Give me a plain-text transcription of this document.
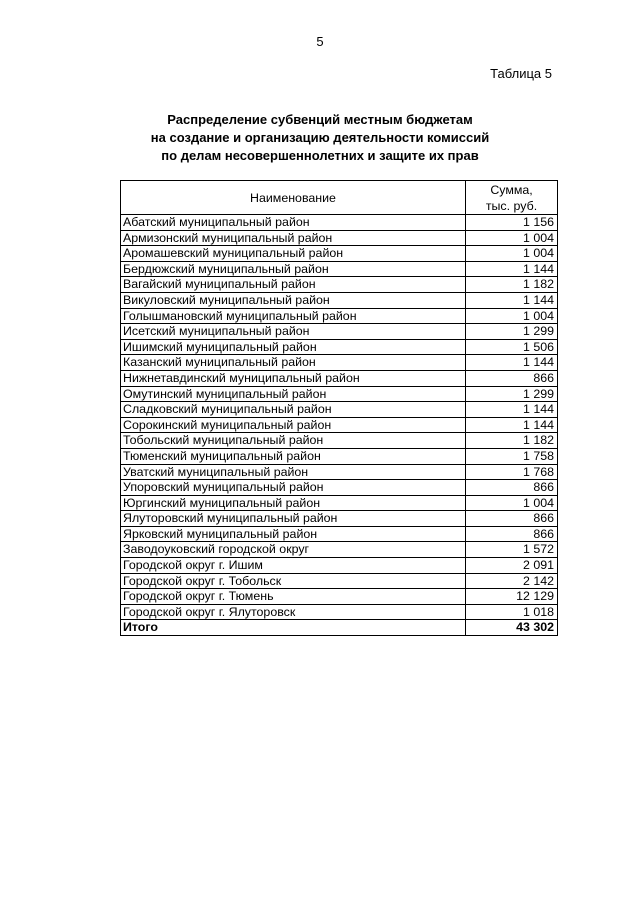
5
Таблица 5
Распределение субвенций местным бюджетам
на создание и организацию деятельности комиссий
по делам несовершеннолетних и защите их прав
Наименование	Сумма,
тыс. руб.

Абатский муниципальный район	1 156
Армизонский муниципальный район	1 004
Аромашевский муниципальный район	1 004
Бердюжский муниципальный район	1 144
Вагайский муниципальный район	1 182
Викуловский муниципальный район	1 144
Голышмановский муниципальный район	1 004
Исетский муниципальный район	1 299
Ишимский муниципальный район	1 506
Казанский муниципальный район	1 144
Нижнетавдинский муниципальный район	866
Омутинский муниципальный район	1 299
Сладковский муниципальный район	1 144
Сорокинский муниципальный район	1 144
Тобольский муниципальный район	1 182
Тюменский муниципальный район	1 758
Уватский муниципальный район	1 768
Упоровский муниципальный район	866
Юргинский муниципальный район	1 004
Ялуторовский муниципальный район	866
Ярковский муниципальный район	866
Заводоуковский городской округ	1 572
Городской округ г. Ишим	2 091
Городской округ г. Тобольск	2 142
Городской округ г. Тюмень	12 129
Городской округ г. Ялуторовск	1 018
Итого	43 302
